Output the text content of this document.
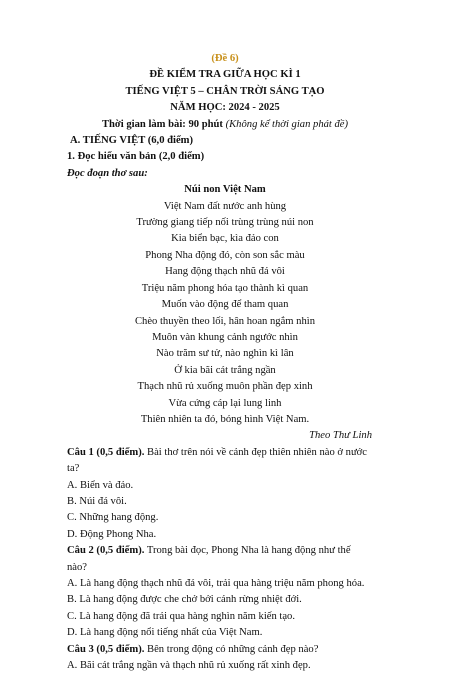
(Đề 6)
ĐỀ KIỂM TRA GIỮA HỌC KÌ 1
TIẾNG VIỆT 5 – CHÂN TRỜI SÁNG TẠO
NĂM HỌC: 2024 - 2025
Thời gian làm bài: 90 phút (Không kể thời gian phát đề)
A. TIẾNG VIỆT (6,0 điểm)
1. Đọc hiểu văn bản (2,0 điểm)
Đọc đoạn thơ sau:
Núi non Việt Nam
Việt Nam đất nước anh hùng
Trường giang tiếp nối trùng trùng núi non
Kia biển bạc, kìa đảo con
Phong Nha động đó, còn son sắc màu
Hang động thạch nhũ đá vôi
Triệu năm phong hóa tạo thành kì quan
Muốn vào động để tham quan
Chèo thuyền theo lối, hân hoan ngắm nhìn
Muôn vàn khung cảnh ngước nhìn
Nào trăm sư tử, nào nghìn kì lân
Ở kia bãi cát trắng ngần
Thạch nhũ rủ xuống muôn phần đẹp xinh
Vừa cứng cáp lại lung linh
Thiên nhiên ta đó, bóng hình Việt Nam.
Theo Thư Linh
Câu 1 (0,5 điểm). Bài thơ trên nói về cảnh đẹp thiên nhiên nào ở nước ta?
A. Biển và đảo.
B. Núi đá vôi.
C. Những hang động.
D. Động Phong Nha.
Câu 2 (0,5 điểm). Trong bài đọc, Phong Nha là hang động như thế nào?
A. Là hang động thạch nhũ đá vôi, trải qua hàng triệu năm phong hóa.
B. Là hang động được che chở bởi cánh rừng nhiệt đới.
C. Là hang động đã trải qua hàng nghìn năm kiến tạo.
D. Là hang động nổi tiếng nhất của Việt Nam.
Câu 3 (0,5 điểm). Bên trong động có những cảnh đẹp nào?
A. Bãi cát trắng ngần và thạch nhũ rủ xuống rất xinh đẹp.
